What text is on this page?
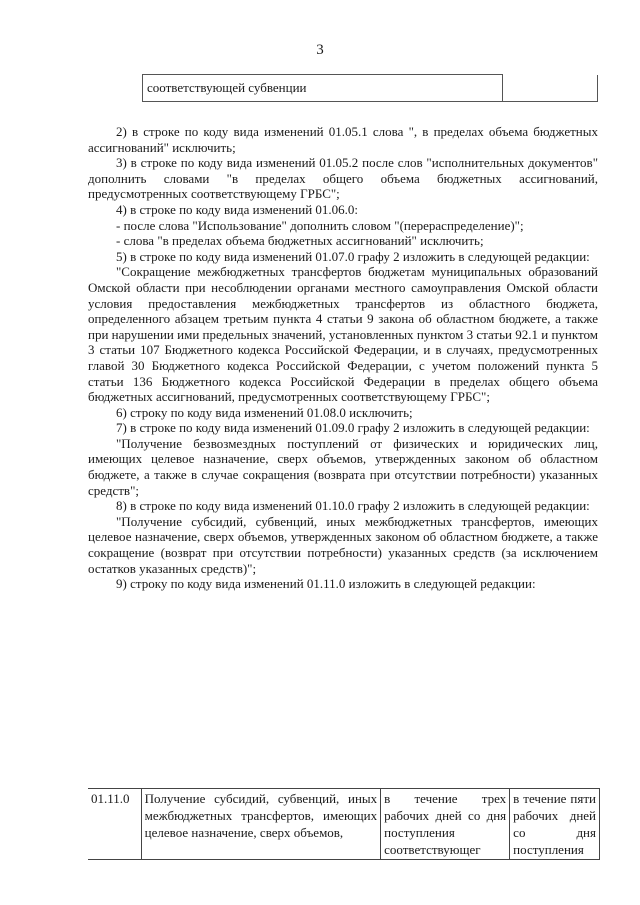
3
	соответствующей субвенции	

2) в строке по коду вида изменений 01.05.1 слова ", в пределах объема бюджетных ассигнований" исключить;

3) в строке по коду вида изменений 01.05.2 после слов "исполнительных документов" дополнить словами "в пределах общего объема бюджетных ассигнований, предусмотренных соответствующему ГРБС";

4) в строке по коду вида изменений 01.06.0:

- после слова "Использование" дополнить словом "(перераспределение)";

- слова "в пределах объема бюджетных ассигнований" исключить;

5) в строке по коду вида изменений 01.07.0 графу 2 изложить в следующей редакции:

"Сокращение межбюджетных трансфертов бюджетам муниципальных образований Омской области при несоблюдении органами местного самоуправления Омской области условия предоставления межбюджетных трансфертов из областного бюджета, определенного абзацем третьим пункта 4 статьи 9 закона об областном бюджете, а также при нарушении ими предельных значений, установленных пунктом 3 статьи 92.1 и пунктом 3 статьи 107 Бюджетного кодекса Российской Федерации, и в случаях, предусмотренных главой 30 Бюджетного кодекса Российской Федерации, с учетом положений пункта 5 статьи 136 Бюджетного кодекса Российской Федерации в пределах общего объема бюджетных ассигнований, предусмотренных соответствующему ГРБС";

6) строку по коду вида изменений 01.08.0 исключить;

7) в строке по коду вида изменений 01.09.0 графу 2 изложить в следующей редакции:

"Получение безвозмездных поступлений от физических и юридических лиц, имеющих целевое назначение, сверх объемов, утвержденных законом об областном бюджете, а также в случае сокращения (возврата при отсутствии потребности) указанных средств";

8) в строке по коду вида изменений 01.10.0 графу 2 изложить в следующей редакции:

"Получение субсидий, субвенций, иных межбюджетных трансфертов, имеющих целевое назначение, сверх объемов, утвержденных законом об областном бюджете, а также сокращение (возврат при отсутствии потребности) указанных средств (за исключением остатков указанных средств)";

9) строку по коду вида изменений 01.11.0 изложить в следующей редакции:

01.11.0	Получение субсидий, субвенций, иных межбюджетных трансфертов, имеющих целевое назначение, сверх объемов,	в течение трех рабочих дней со дня поступления соответствующег	в течение пяти рабочих дней со дня поступления
